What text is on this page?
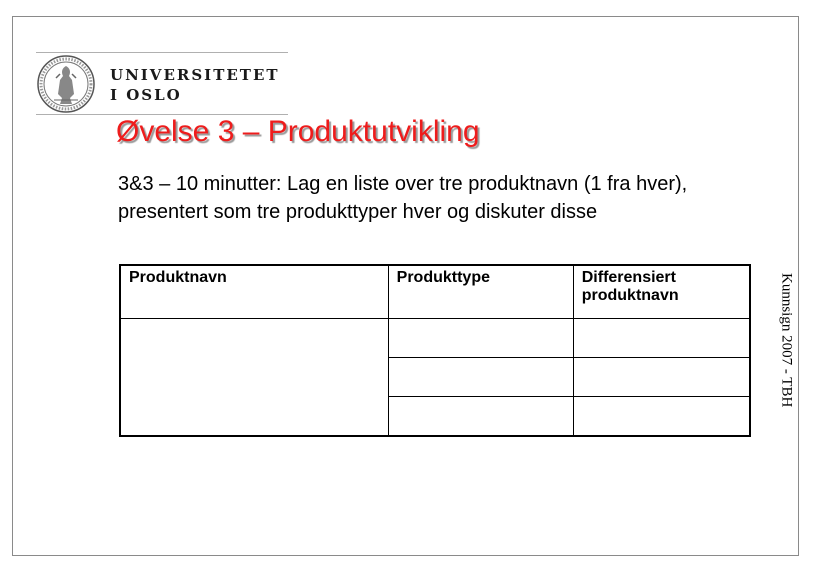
UNIVERSITETET
I OSLO
Øvelse 3 – Produktutvikling
3&3 – 10 minutter: Lag en liste over tre produktnavn (1 fra hver), presentert som tre produkttyper hver og diskuter disse
Kunnsign 2007 - TBH
Produktnavn	Produkttype	Differensiert produktnavn
